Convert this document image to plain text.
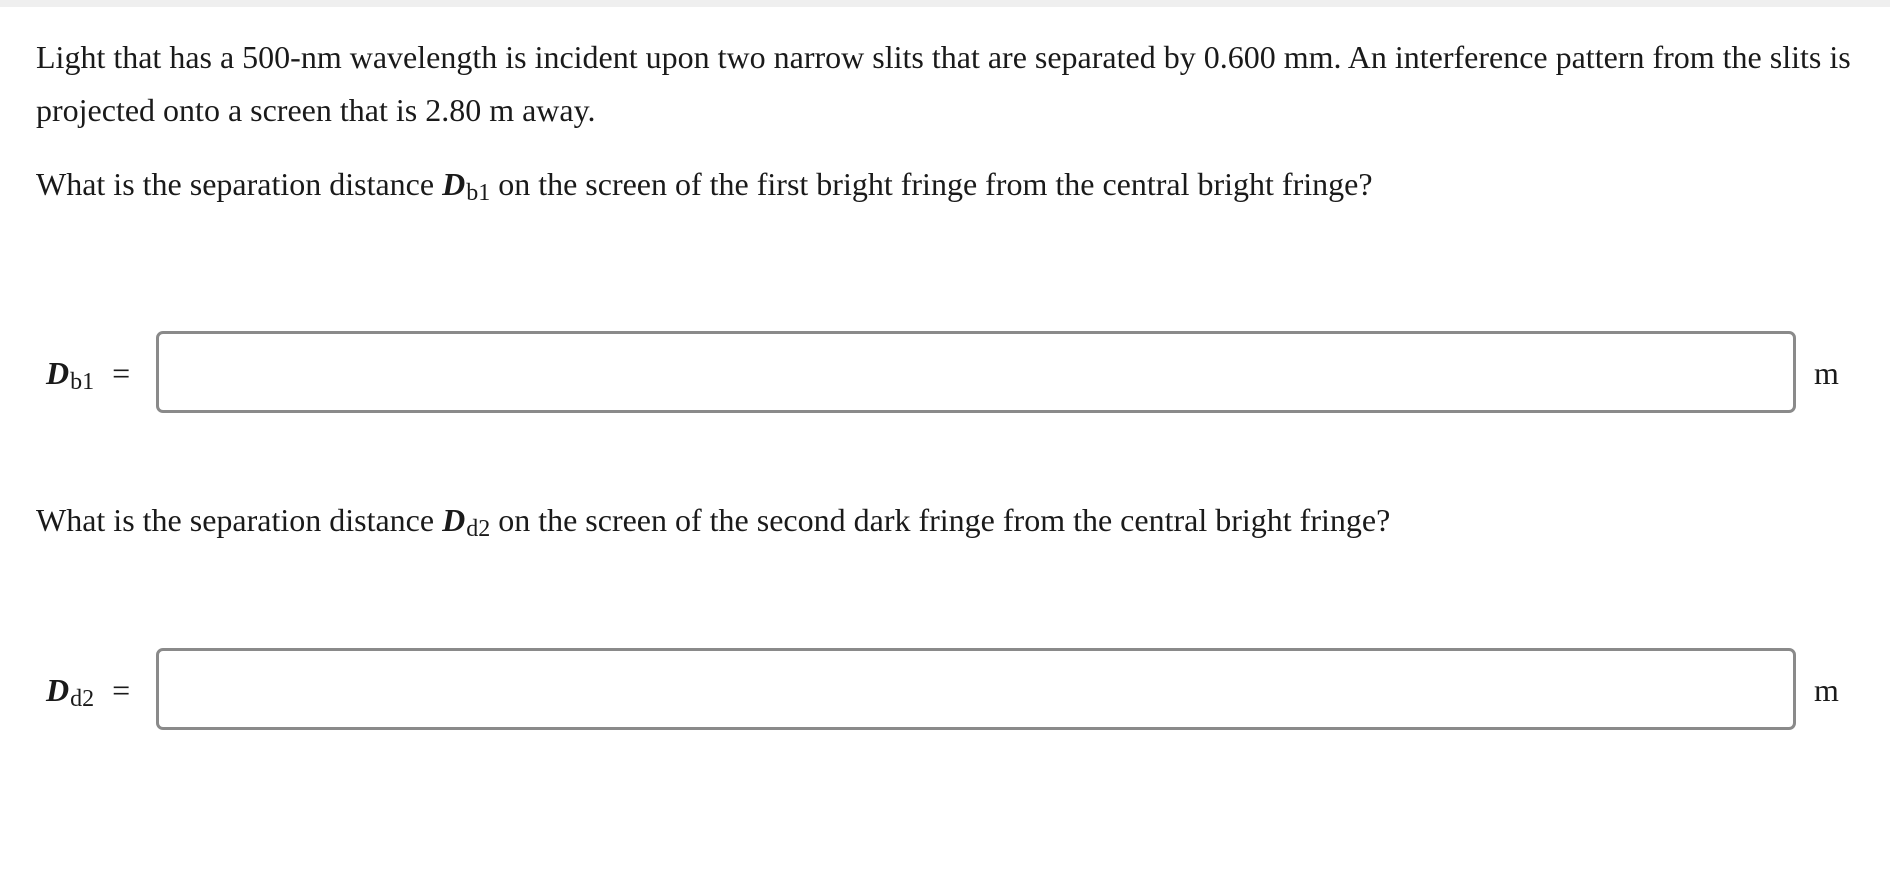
Light that has a 500-nm wavelength is incident upon two narrow slits that are separated by 0.600 mm. An interference pattern from the slits is projected onto a screen that is 2.80 m away.

What is the separation distance $D_{b1}$ on the screen of the first bright fringe from the central bright fringe?

$D_{b1}$ =	m

What is the separation distance $D_{d2}$ on the screen of the second dark fringe from the central bright fringe?

$D_{d2}$ =	m
